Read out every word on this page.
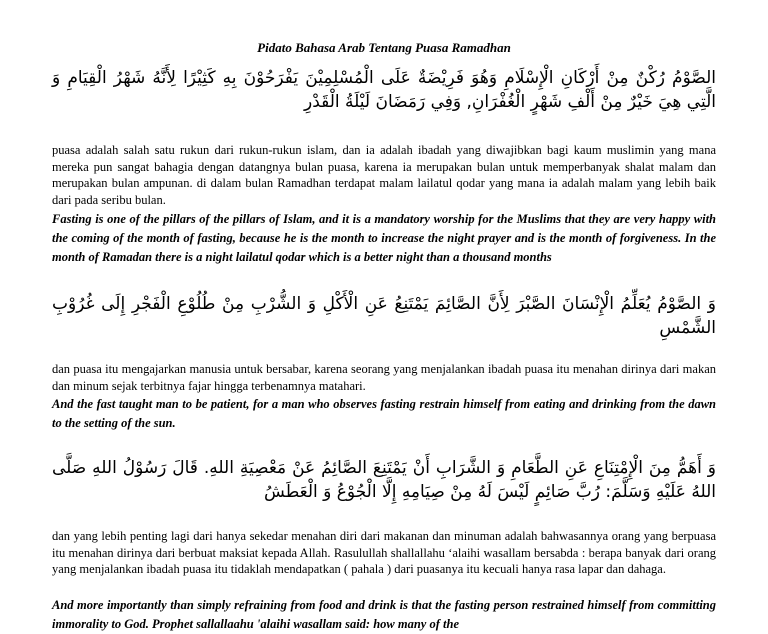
Pidato Bahasa Arab Tentang Puasa Ramadhan
الصَّوْمُ رُكْنٌ مِنْ أَرْكَانِ الْإِسْلَامِ وَهُوَ فَرِيْضَةٌ عَلَى الْمُسْلِمِيْنَ يَفْرَحُوْنَ بِهِ كَثِيْرًا لِأَنَّهُ شَهْرُ الْقِيَامِ وَ الَّتِي هِيَ خَيْرٌ مِنْ أَلْفِ شَهْرٍ الْغُفْرَانِ, وَفِي رَمَضَانَ لَيْلَةُ الْقَدْرِ
puasa adalah salah satu rukun dari rukun-rukun islam, dan ia adalah ibadah yang diwajibkan bagi kaum muslimin yang mana mereka pun sangat bahagia dengan datangnya bulan puasa, karena ia merupakan bulan untuk memperbanyak shalat malam dan merupakan bulan ampunan. di dalam bulan Ramadhan terdapat malam lailatul qodar yang mana ia adalah malam yang lebih baik dari pada seribu bulan.
Fasting is one of the pillars of the pillars of Islam, and it is a mandatory worship for the Muslims that they are very happy with the coming of the month of fasting, because he is the month to increase the night prayer and is the month of forgiveness. In the month of Ramadan there is a night lailatul qodar which is a better night than a thousand months
وَ الصَّوْمُ يُعَلِّمُ الْإِنْسَانَ الصَّبْرَ لِأَنَّ الصَّائِمَ يَمْتَنِعُ عَنِ الْأَكْلِ وَ الشُّرْبِ مِنْ طُلُوْعِ الْفَجْرِ إِلَى غُرُوْبِ الشَّمْسِ
dan puasa itu mengajarkan manusia untuk bersabar, karena seorang yang menjalankan ibadah puasa itu menahan dirinya dari makan dan minum sejak terbitnya fajar hingga terbenamnya matahari.
And the fast taught man to be patient, for a man who observes fasting restrain himself from eating and drinking from the dawn to the setting of the sun.
وَ أَهَمُّ مِنَ الْإِمْتِنَاعِ عَنِ الطَّعَامِ وَ الشَّرَابِ أَنْ يَمْتَنِعَ الصَّائِمُ عَنْ مَعْصِيَةِ اللهِ. قَالَ رَسُوْلُ اللهِ صَلَّى اللهُ عَلَيْهِ وَسَلَّمَ: رُبَّ صَائِمٍ لَيْسَ لَهُ مِنْ صِيَامِهِ إِلَّا الْجُوْعُ وَ الْعَطَشُ
dan yang lebih penting lagi dari hanya sekedar menahan diri dari makanan dan minuman adalah bahwasannya orang yang berpuasa itu menahan dirinya dari berbuat maksiat kepada Allah. Rasulullah shallallahu ‘alaihi wasallam bersabda : berapa banyak dari orang yang menjalankan ibadah puasa itu tidaklah mendapatkan ( pahala ) dari puasanya itu kecuali hanya rasa lapar dan dahaga.
And more importantly than simply refraining from food and drink is that the fasting person restrained himself from committing immorality to God. Prophet sallallaahu 'alaihi wasallam said: how many of the
